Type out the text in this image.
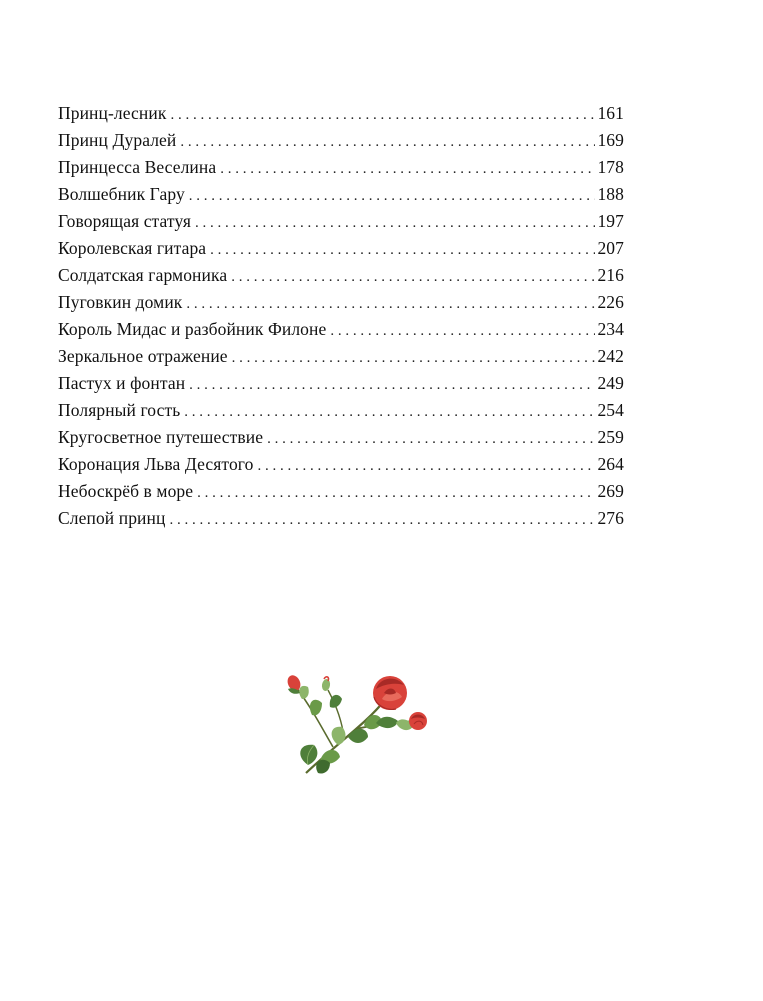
Принц-лесник . . .	161
Принц Дуралей . . .	169
Принцесса Веселина . . .	178
Волшебник Гару . . .	188
Говорящая статуя . . .	197
Королевская гитара . . .	207
Солдатская гармоника . . .	216
Пуговкин домик . . .	226
Король Мидас и разбойник Филоне . . .	234
Зеркальное отражение . . .	242
Пастух и фонтан . . .	249
Полярный гость . . .	254
Кругосветное путешествие . . .	259
Коронация Льва Десятого . . .	264
Небоскрёб в море . . .	269
Слепой принц . . .	276
